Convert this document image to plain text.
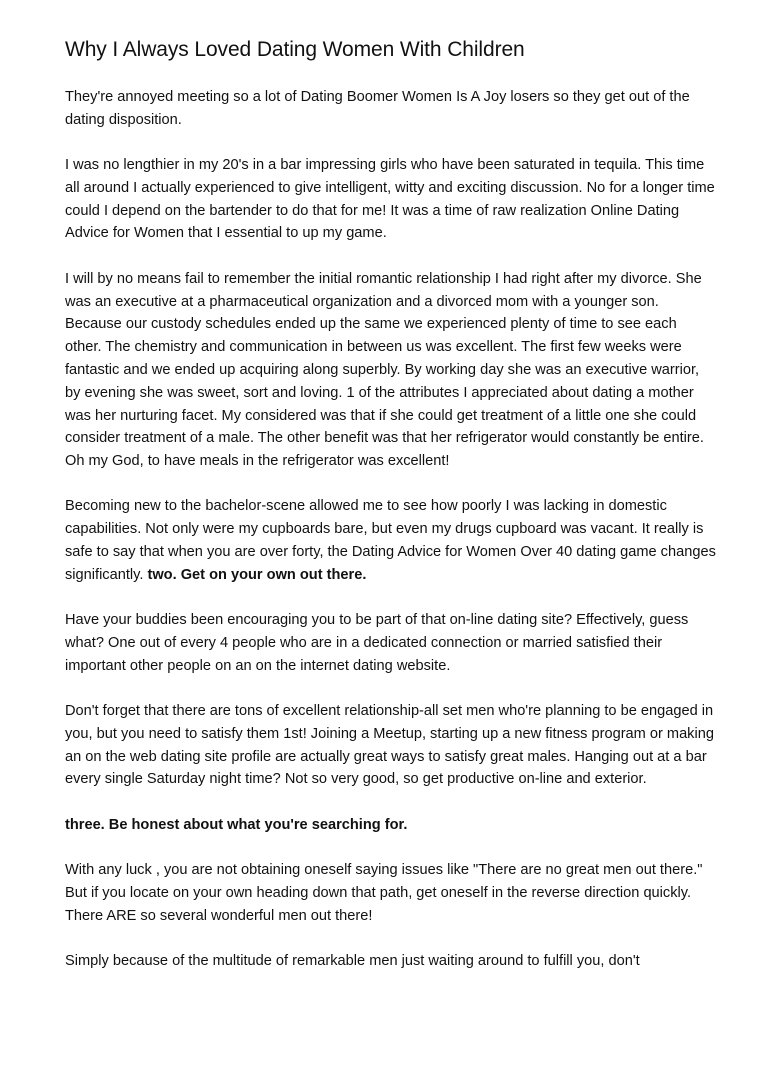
Why I Always Loved Dating Women With Children

They're annoyed meeting so a lot of Dating Boomer Women Is A Joy losers so they get out of the dating disposition.

I was no lengthier in my 20's in a bar impressing girls who have been saturated in tequila. This time all around I actually experienced to give intelligent, witty and exciting discussion. No for a longer time could I depend on the bartender to do that for me! It was a time of raw realization Online Dating Advice for Women that I essential to up my game.

I will by no means fail to remember the initial romantic relationship I had right after my divorce. She was an executive at a pharmaceutical organization and a divorced mom with a younger son. Because our custody schedules ended up the same we experienced plenty of time to see each other. The chemistry and communication in between us was excellent. The first few weeks were fantastic and we ended up acquiring along superbly. By working day she was an executive warrior, by evening she was sweet, sort and loving. 1 of the attributes I appreciated about dating a mother was her nurturing facet. My considered was that if she could get treatment of a little one she could consider treatment of a male. The other benefit was that her refrigerator would constantly be entire. Oh my God, to have meals in the refrigerator was excellent!

Becoming new to the bachelor-scene allowed me to see how poorly I was lacking in domestic capabilities. Not only were my cupboards bare, but even my drugs cupboard was vacant. It really is safe to say that when you are over forty, the Dating Advice for Women Over 40 dating game changes significantly. two. Get on your own out there.

Have your buddies been encouraging you to be part of that on-line dating site? Effectively, guess what? One out of every 4 people who are in a dedicated connection or married satisfied their important other people on an on the internet dating website.

Don't forget that there are tons of excellent relationship-all set men who're planning to be engaged in you, but you need to satisfy them 1st! Joining a Meetup, starting up a new fitness program or making an on the web dating site profile are actually great ways to satisfy great males. Hanging out at a bar every single Saturday night time? Not so very good, so get productive on-line and exterior.

three. Be honest about what you're searching for.

With any luck , you are not obtaining oneself saying issues like "There are no great men out there." But if you locate on your own heading down that path, get oneself in the reverse direction quickly. There ARE so several wonderful men out there!

Simply because of the multitude of remarkable men just waiting around to fulfill you, don't
